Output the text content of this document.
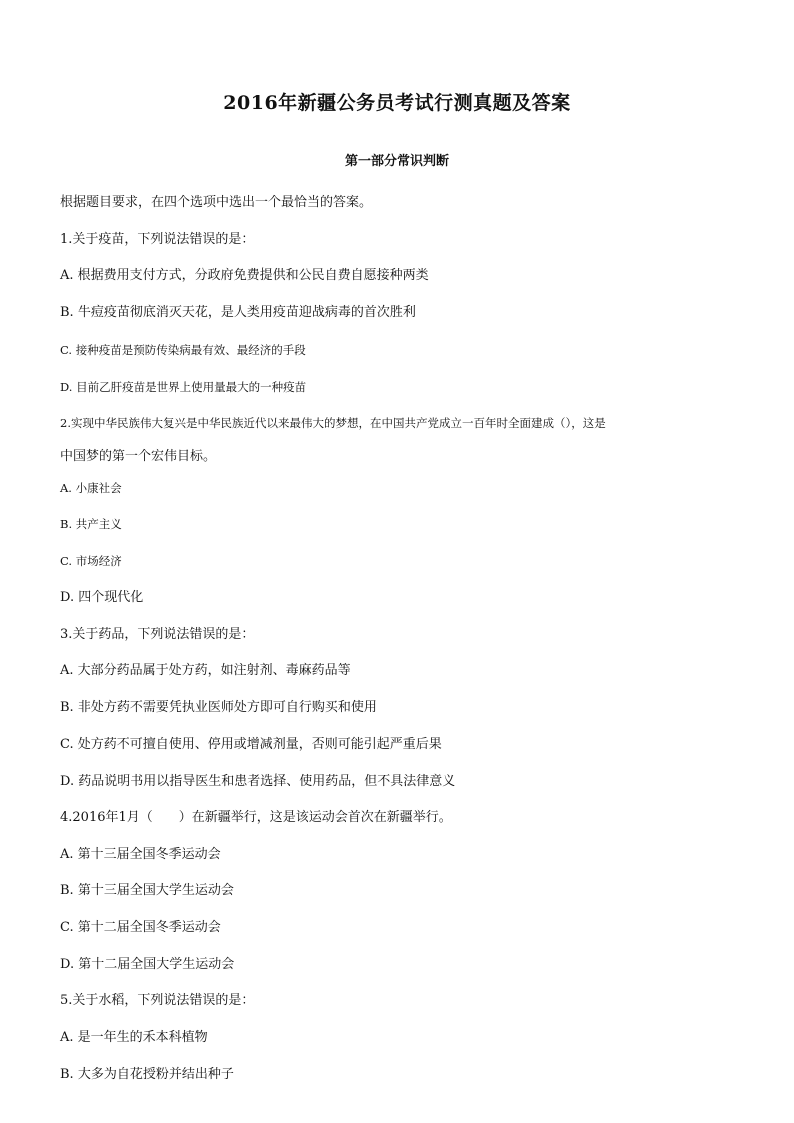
2016年新疆公务员考试行测真题及答案
第一部分常识判断
根据题目要求，在四个选项中选出一个最恰当的答案。
1.关于疫苗，下列说法错误的是：
A. 根据费用支付方式，分政府免费提供和公民自费自愿接种两类
B. 牛痘疫苗彻底消灭天花，是人类用疫苗迎战病毒的首次胜利
C. 接种疫苗是预防传染病最有效、最经济的手段
D. 目前乙肝疫苗是世界上使用量最大的一种疫苗
2.实现中华民族伟大复兴是中华民族近代以来最伟大的梦想，在中国共产党成立一百年时全面建成（），这是
中国梦的第一个宏伟目标。
A. 小康社会
B. 共产主义
C. 市场经济
D. 四个现代化
3.关于药品，下列说法错误的是：
A. 大部分药品属于处方药，如注射剂、毒麻药品等
B. 非处方药不需要凭执业医师处方即可自行购买和使用
C. 处方药不可擅自使用、停用或增减剂量，否则可能引起严重后果
D. 药品说明书用以指导医生和患者选择、使用药品，但不具法律意义
4.2016年1月（　　）在新疆举行，这是该运动会首次在新疆举行。
A. 第十三届全国冬季运动会
B. 第十三届全国大学生运动会
C. 第十二届全国冬季运动会
D. 第十二届全国大学生运动会
5.关于水稻，下列说法错误的是：
A. 是一年生的禾本科植物
B. 大多为自花授粉并结出种子
